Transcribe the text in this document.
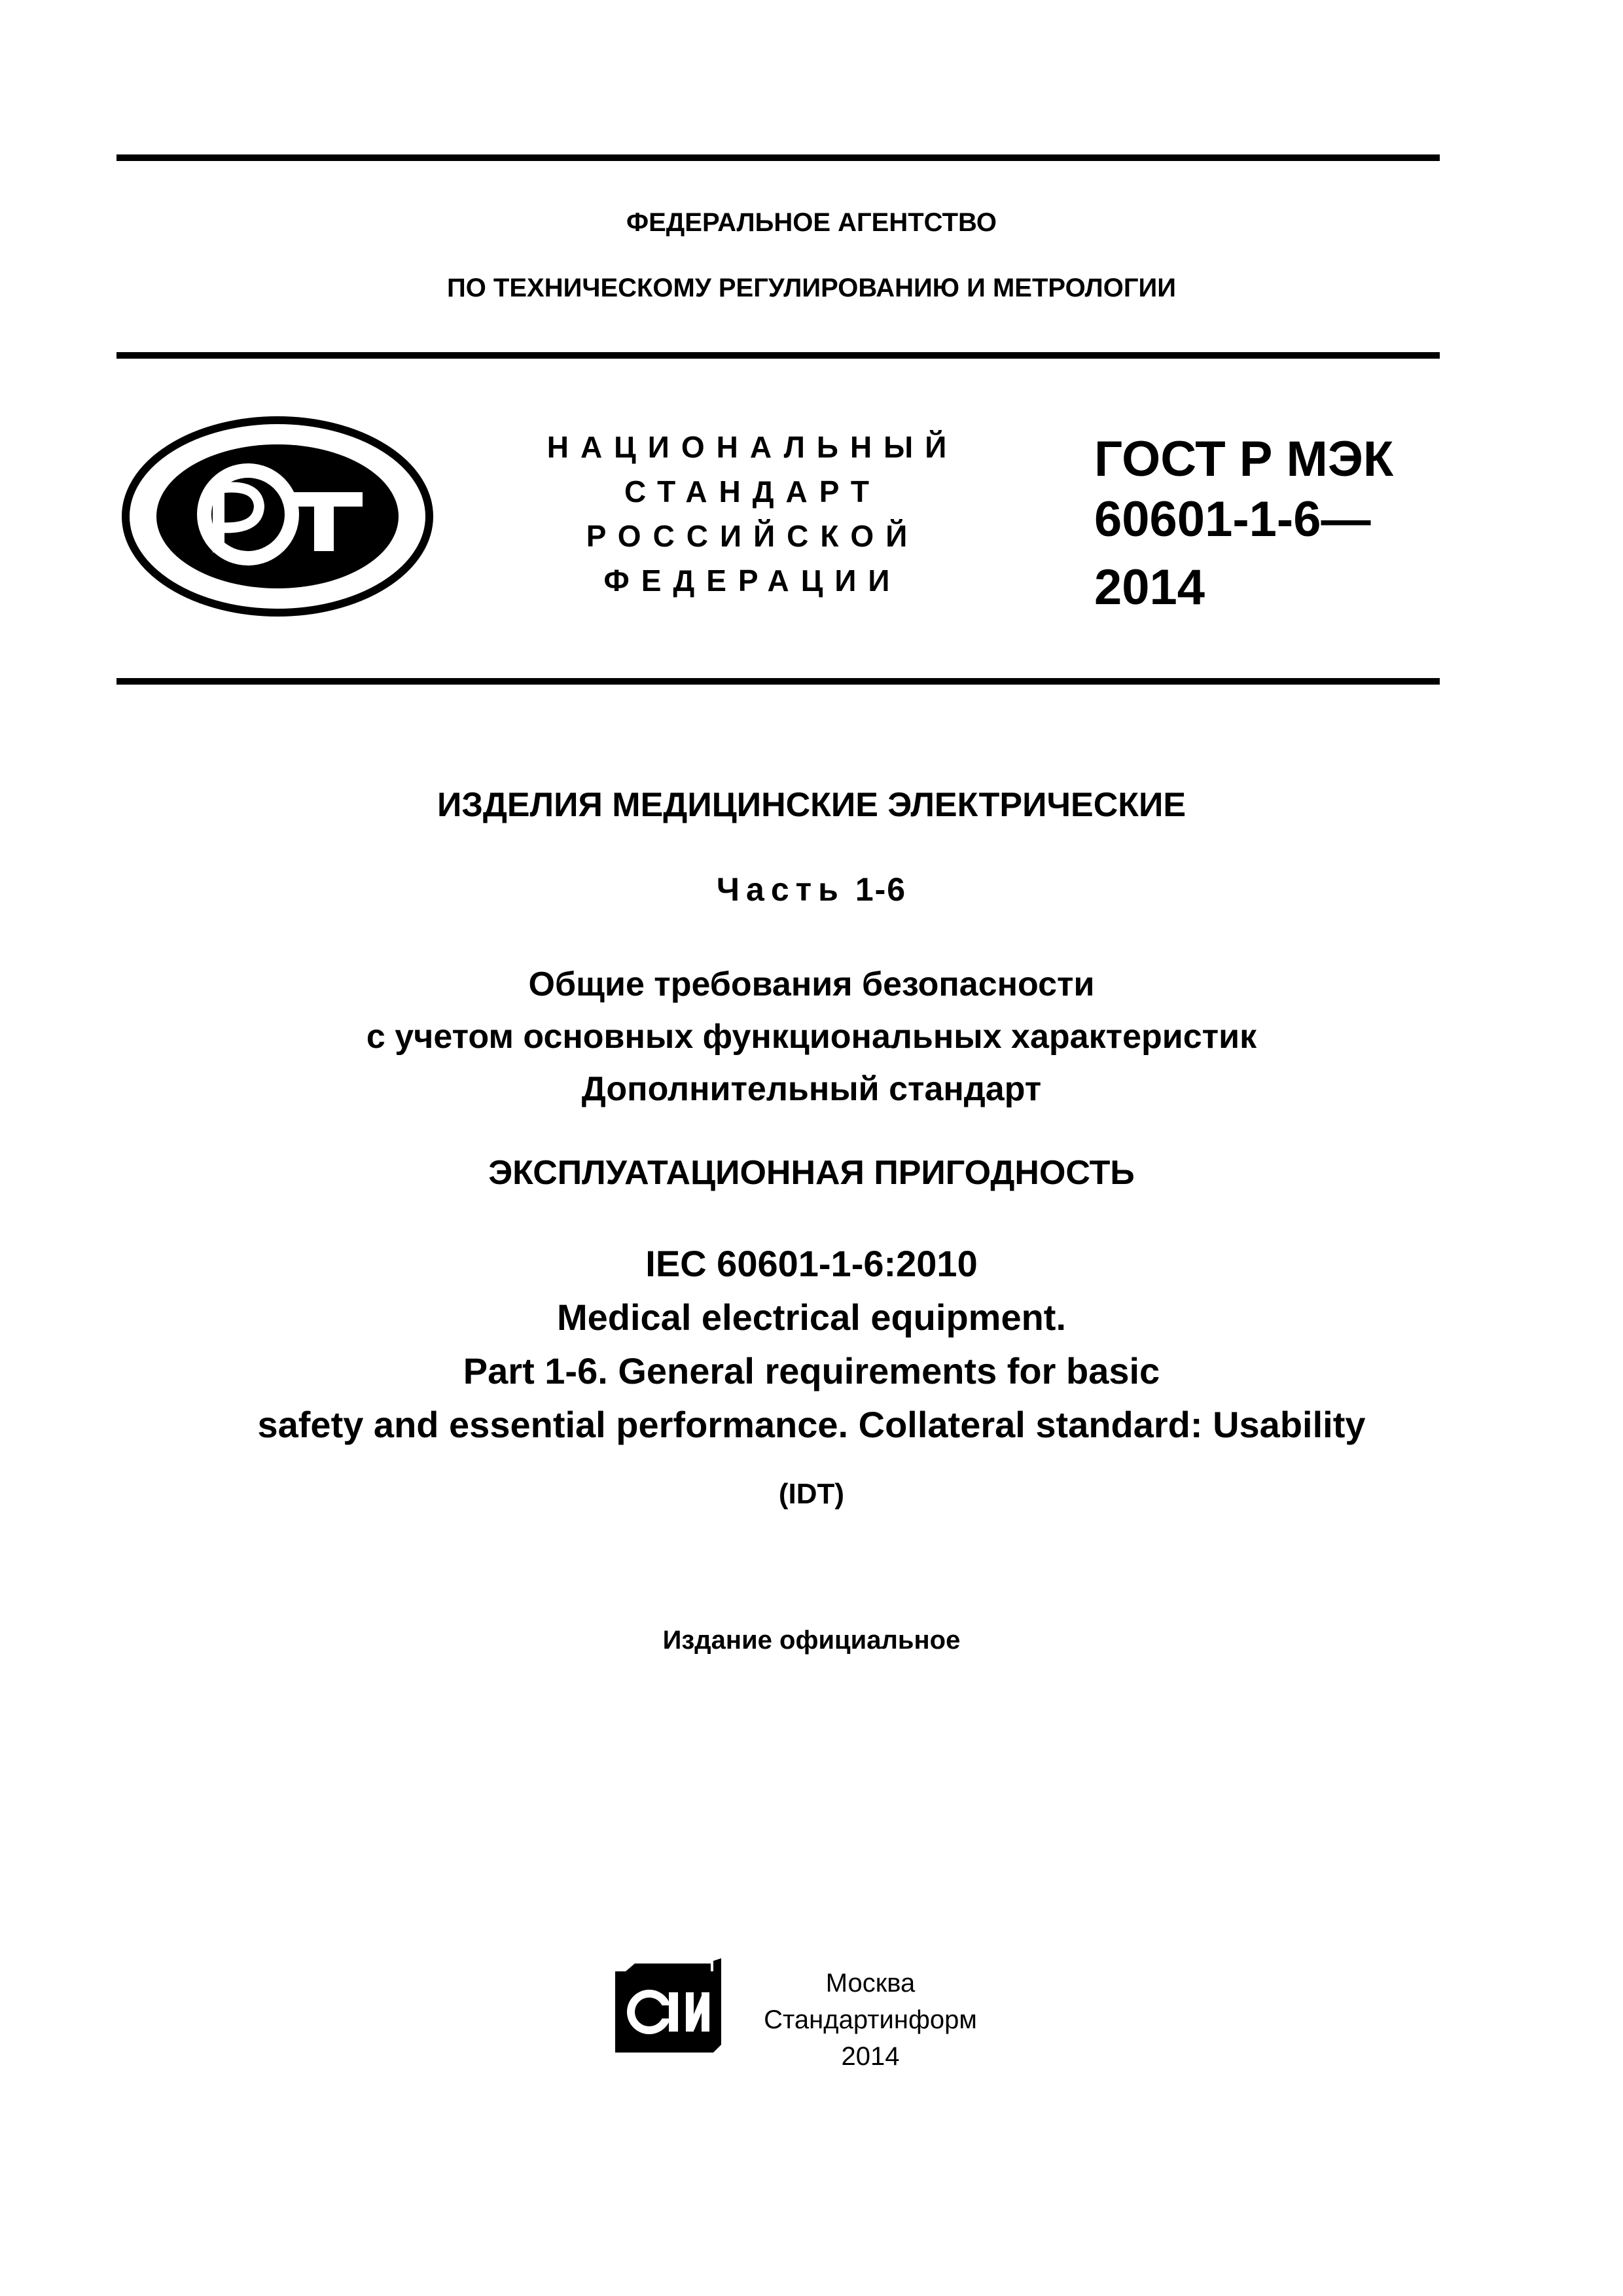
ФЕДЕРАЛЬНОЕ АГЕНТСТВО
ПО ТЕХНИЧЕСКОМУ РЕГУЛИРОВАНИЮ И МЕТРОЛОГИИ
НАЦИОНАЛЬНЫЙ
СТАНДАРТ
РОССИЙСКОЙ
ФЕДЕРАЦИИ
ГОСТ Р МЭК
60601-1-6—
2014
ИЗДЕЛИЯ МЕДИЦИНСКИЕ ЭЛЕКТРИЧЕСКИЕ
Часть 1-6
Общие требования безопасности
с учетом основных функциональных характеристик
Дополнительный стандарт
ЭКСПЛУАТАЦИОННАЯ ПРИГОДНОСТЬ
IEC 60601-1-6:2010
Medical electrical equipment.
Part 1-6. General requirements for basic
safety and essential performance. Collateral standard: Usability
(IDT)
Издание официальное
Москва
Стандартинформ
2014
